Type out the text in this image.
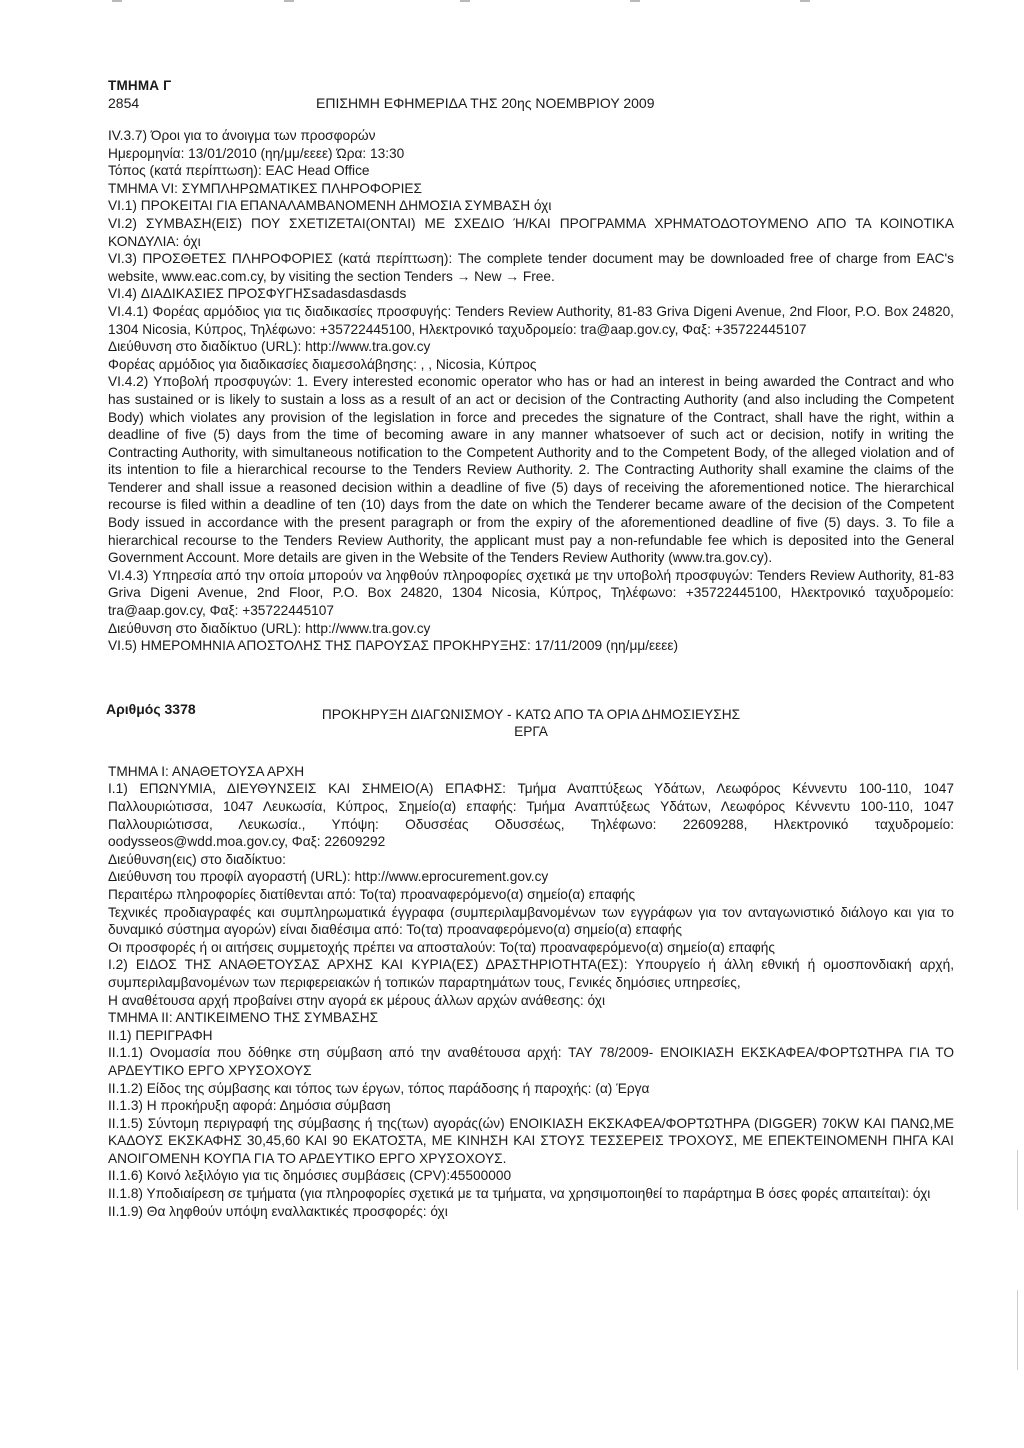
ΤΜΗΜΑ Γ
2854	ΕΠΙΣΗΜΗ ΕΦΗΜΕΡΙΔΑ ΤΗΣ 20ης ΝΟΕΜΒΡΙΟΥ 2009
IV.3.7) Όροι για το άνοιγμα των προσφορών
Ημερομηνία: 13/01/2010 (ηη/μμ/εεεε) Ώρα: 13:30
Τόπος (κατά περίπτωση): EAC Head Office
ΤΜΗΜΑ VI: ΣΥΜΠΛΗΡΩΜΑΤΙΚΕΣ ΠΛΗΡΟΦΟΡΙΕΣ
VI.1) ΠΡΟΚΕΙΤΑΙ ΓΙΑ ΕΠΑΝΑΛΑΜΒΑΝΟΜΕΝΗ ΔΗΜΟΣΙΑ ΣΥΜΒΑΣΗ όχι
VI.2) ΣΥΜΒΑΣΗ(ΕΙΣ) ΠΟΥ ΣΧΕΤΙΖΕΤΑΙ(ΟΝΤΑΙ) ΜΕ ΣΧΕΔΙΟ Ή/ΚΑΙ ΠΡΟΓΡΑΜΜΑ ΧΡΗΜΑΤΟΔΟΤΟΥΜΕΝΟ ΑΠΟ ΤΑ ΚΟΙΝΟΤΙΚΑ ΚΟΝΔΥΛΙΑ: όχι
VI.3) ΠΡΟΣΘΕΤΕΣ ΠΛΗΡΟΦΟΡΙΕΣ (κατά περίπτωση): The complete tender document may be downloaded free of charge from EAC's website, www.eac.com.cy, by visiting the section Tenders → New → Free.
VI.4) ΔΙΑΔΙΚΑΣΙΕΣ ΠΡΟΣΦΥΓΗΣsadasdasdasds
VI.4.1) Φορέας αρμόδιος για τις διαδικασίες προσφυγής: Tenders Review Authority, 81-83 Griva Digeni Avenue, 2nd Floor, P.O. Box 24820, 1304 Nicosia, Κύπρος, Τηλέφωνο: +35722445100, Ηλεκτρονικό ταχυδρομείο: tra@aap.gov.cy, Φαξ: +35722445107
Διεύθυνση στο διαδίκτυο (URL): http://www.tra.gov.cy
Φορέας αρμόδιος για διαδικασίες διαμεσολάβησης: , , Nicosia, Κύπρος
VI.4.2) Υποβολή προσφυγών: 1. Every interested economic operator who has or had an interest in being awarded the Contract and who has sustained or is likely to sustain a loss as a result of an act or decision of the Contracting Authority (and also including the Competent Body) which violates any provision of the legislation in force and precedes the signature of the Contract, shall have the right, within a deadline of five (5) days from the time of becoming aware in any manner whatsoever of such act or decision, notify in writing the Contracting Authority, with simultaneous notification to the Competent Authority and to the Competent Body, of the alleged violation and of its intention to file a hierarchical recourse to the Tenders Review Authority. 2. The Contracting Authority shall examine the claims of the Tenderer and shall issue a reasoned decision within a deadline of five (5) days of receiving the aforementioned notice. The hierarchical recourse is filed within a deadline of ten (10) days from the date on which the Tenderer became aware of the decision of the Competent Body issued in accordance with the present paragraph or from the expiry of the aforementioned deadline of five (5) days. 3. To file a hierarchical recourse to the Tenders Review Authority, the applicant must pay a non-refundable fee which is deposited into the General Government Account. More details are given in the Website of the Tenders Review Authority (www.tra.gov.cy).
VI.4.3) Υπηρεσία από την οποία μπορούν να ληφθούν πληροφορίες σχετικά με την υποβολή προσφυγών: Tenders Review Authority, 81-83 Griva Digeni Avenue, 2nd Floor, P.O. Box 24820, 1304 Nicosia, Κύπρος, Τηλέφωνο: +35722445100, Ηλεκτρονικό ταχυδρομείο: tra@aap.gov.cy, Φαξ: +35722445107
Διεύθυνση στο διαδίκτυο (URL): http://www.tra.gov.cy
VI.5) ΗΜΕΡΟΜΗΝΙΑ ΑΠΟΣΤΟΛΗΣ ΤΗΣ ΠΑΡΟΥΣΑΣ ΠΡΟΚΗΡΥΞΗΣ: 17/11/2009 (ηη/μμ/εεεε)
Αριθμός 3378	ΠΡΟΚΗΡΥΞΗ ΔΙΑΓΩΝΙΣΜΟΥ - ΚΑΤΩ ΑΠΟ ΤΑ ΟΡΙΑ ΔΗΜΟΣΙΕΥΣΗΣ
ΕΡΓΑ
ΤΜΗΜΑ Ι: ΑΝΑΘΕΤΟΥΣΑ ΑΡΧΗ
Ι.1) ΕΠΩΝΥΜΙΑ, ΔΙΕΥΘΥΝΣΕΙΣ ΚΑΙ ΣΗΜΕΙΟ(Α) ΕΠΑΦΗΣ: Τμήμα Αναπτύξεως Υδάτων, Λεωφόρος Κέννεντυ 100-110, 1047 Παλλουριώτισσα, 1047 Λευκωσία, Κύπρος, Σημείο(α) επαφής: Τμήμα Αναπτύξεως Υδάτων, Λεωφόρος Κέννεντυ 100-110, 1047 Παλλουριώτισσα, Λευκωσία., Υπόψη: Οδυσσέας Οδυσσέως, Τηλέφωνο: 22609288, Ηλεκτρονικό ταχυδρομείο: oodysseos@wdd.moa.gov.cy, Φαξ: 22609292
Διεύθυνση(εις) στο διαδίκτυο:
Διεύθυνση του προφίλ αγοραστή (URL): http://www.eprocurement.gov.cy
Περαιτέρω πληροφορίες διατίθενται από: Το(τα) προαναφερόμενο(α) σημείο(α) επαφής
Τεχνικές προδιαγραφές και συμπληρωματικά έγγραφα (συμπεριλαμβανομένων των εγγράφων για τον ανταγωνιστικό διάλογο και για το δυναμικό σύστημα αγορών) είναι διαθέσιμα από: Το(τα) προαναφερόμενο(α) σημείο(α) επαφής
Οι προσφορές ή οι αιτήσεις συμμετοχής πρέπει να αποσταλούν: Το(τα) προαναφερόμενο(α) σημείο(α) επαφής
Ι.2) ΕΙΔΟΣ ΤΗΣ ΑΝΑΘΕΤΟΥΣΑΣ ΑΡΧΗΣ ΚΑΙ ΚΥΡΙΑ(ΕΣ) ΔΡΑΣΤΗΡΙΟΤΗΤΑ(ΕΣ): Υπουργείο ή άλλη εθνική ή ομοσπονδιακή αρχή, συμπεριλαμβανομένων των περιφερειακών ή τοπικών παραρτημάτων τους, Γενικές δημόσιες υπηρεσίες,
Η αναθέτουσα αρχή προβαίνει στην αγορά εκ μέρους άλλων αρχών ανάθεσης: όχι
ΤΜΗΜΑ ΙΙ: ΑΝΤΙΚΕΙΜΕΝΟ ΤΗΣ ΣΥΜΒΑΣΗΣ
ΙΙ.1) ΠΕΡΙΓΡΑΦΗ
ΙΙ.1.1) Ονομασία που δόθηκε στη σύμβαση από την αναθέτουσα αρχή: ΤΑΥ 78/2009- ΕΝΟΙΚΙΑΣΗ ΕΚΣΚΑΦΕΑ/ΦΟΡΤΩΤΗΡΑ ΓΙΑ ΤΟ ΑΡΔΕΥΤΙΚΟ ΕΡΓΟ ΧΡΥΣΟΧΟΥΣ
ΙΙ.1.2) Είδος της σύμβασης και τόπος των έργων, τόπος παράδοσης ή παροχής: (α) Έργα
ΙΙ.1.3) Η προκήρυξη αφορά: Δημόσια σύμβαση
ΙΙ.1.5) Σύντομη περιγραφή της σύμβασης ή της(των) αγοράς(ών) ΕΝΟΙΚΙΑΣΗ ΕΚΣΚΑΦΕΑ/ΦΟΡΤΩΤΗΡΑ (DIGGER) 70KW ΚΑΙ ΠΑΝΩ,ΜΕ ΚΑΔΟΥΣ ΕΚΣΚΑΦΗΣ 30,45,60 ΚΑΙ 90 ΕΚΑΤΟΣΤΑ, ΜΕ ΚΙΝΗΣΗ ΚΑΙ ΣΤΟΥΣ ΤΕΣΣΕΡΕΙΣ ΤΡΟΧΟΥΣ, ΜΕ ΕΠΕΚΤΕΙΝΟΜΕΝΗ ΠΗΓΑ ΚΑΙ ΑΝΟΙΓΟΜΕΝΗ ΚΟΥΠΑ ΓΙΑ ΤΟ ΑΡΔΕΥΤΙΚΟ ΕΡΓΟ ΧΡΥΣΟΧΟΥΣ.
ΙΙ.1.6) Κοινό λεξιλόγιο για τις δημόσιες συμβάσεις (CPV):45500000
ΙΙ.1.8) Υποδιαίρεση σε τμήματα (για πληροφορίες σχετικά με τα τμήματα, να χρησιμοποιηθεί το παράρτημα Β όσες φορές απαιτείται): όχι
ΙΙ.1.9) Θα ληφθούν υπόψη εναλλακτικές προσφορές: όχι
